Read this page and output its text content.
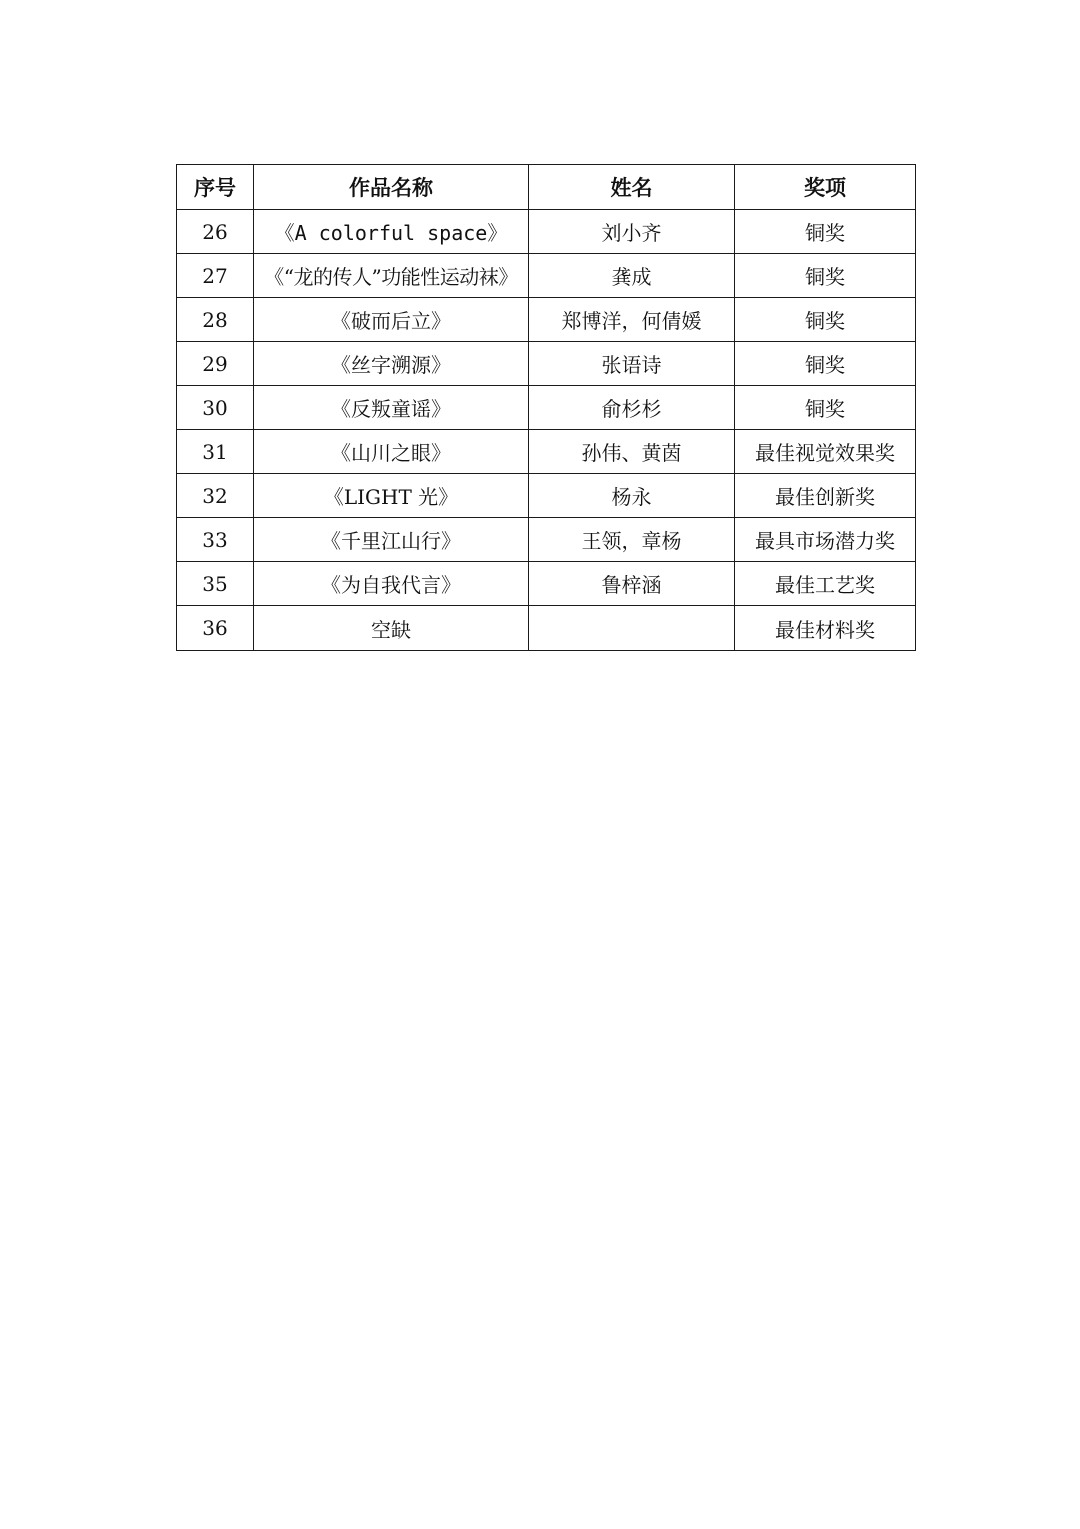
序号	作品名称	姓名	奖项
26	《A colorful space》	刘小齐	铜奖
27	《“龙的传人”功能性运动袜》	龚成	铜奖
28	《破而后立》	郑博洋，何倩媛	铜奖
29	《丝字溯源》	张语诗	铜奖
30	《反叛童谣》	俞杉杉	铜奖
31	《山川之眼》	孙伟、黄茵	最佳视觉效果奖
32	《LIGHT 光》	杨永	最佳创新奖
33	《千里江山行》	王领，章杨	最具市场潜力奖
35	《为自我代言》	鲁梓涵	最佳工艺奖
36	空缺		最佳材料奖
